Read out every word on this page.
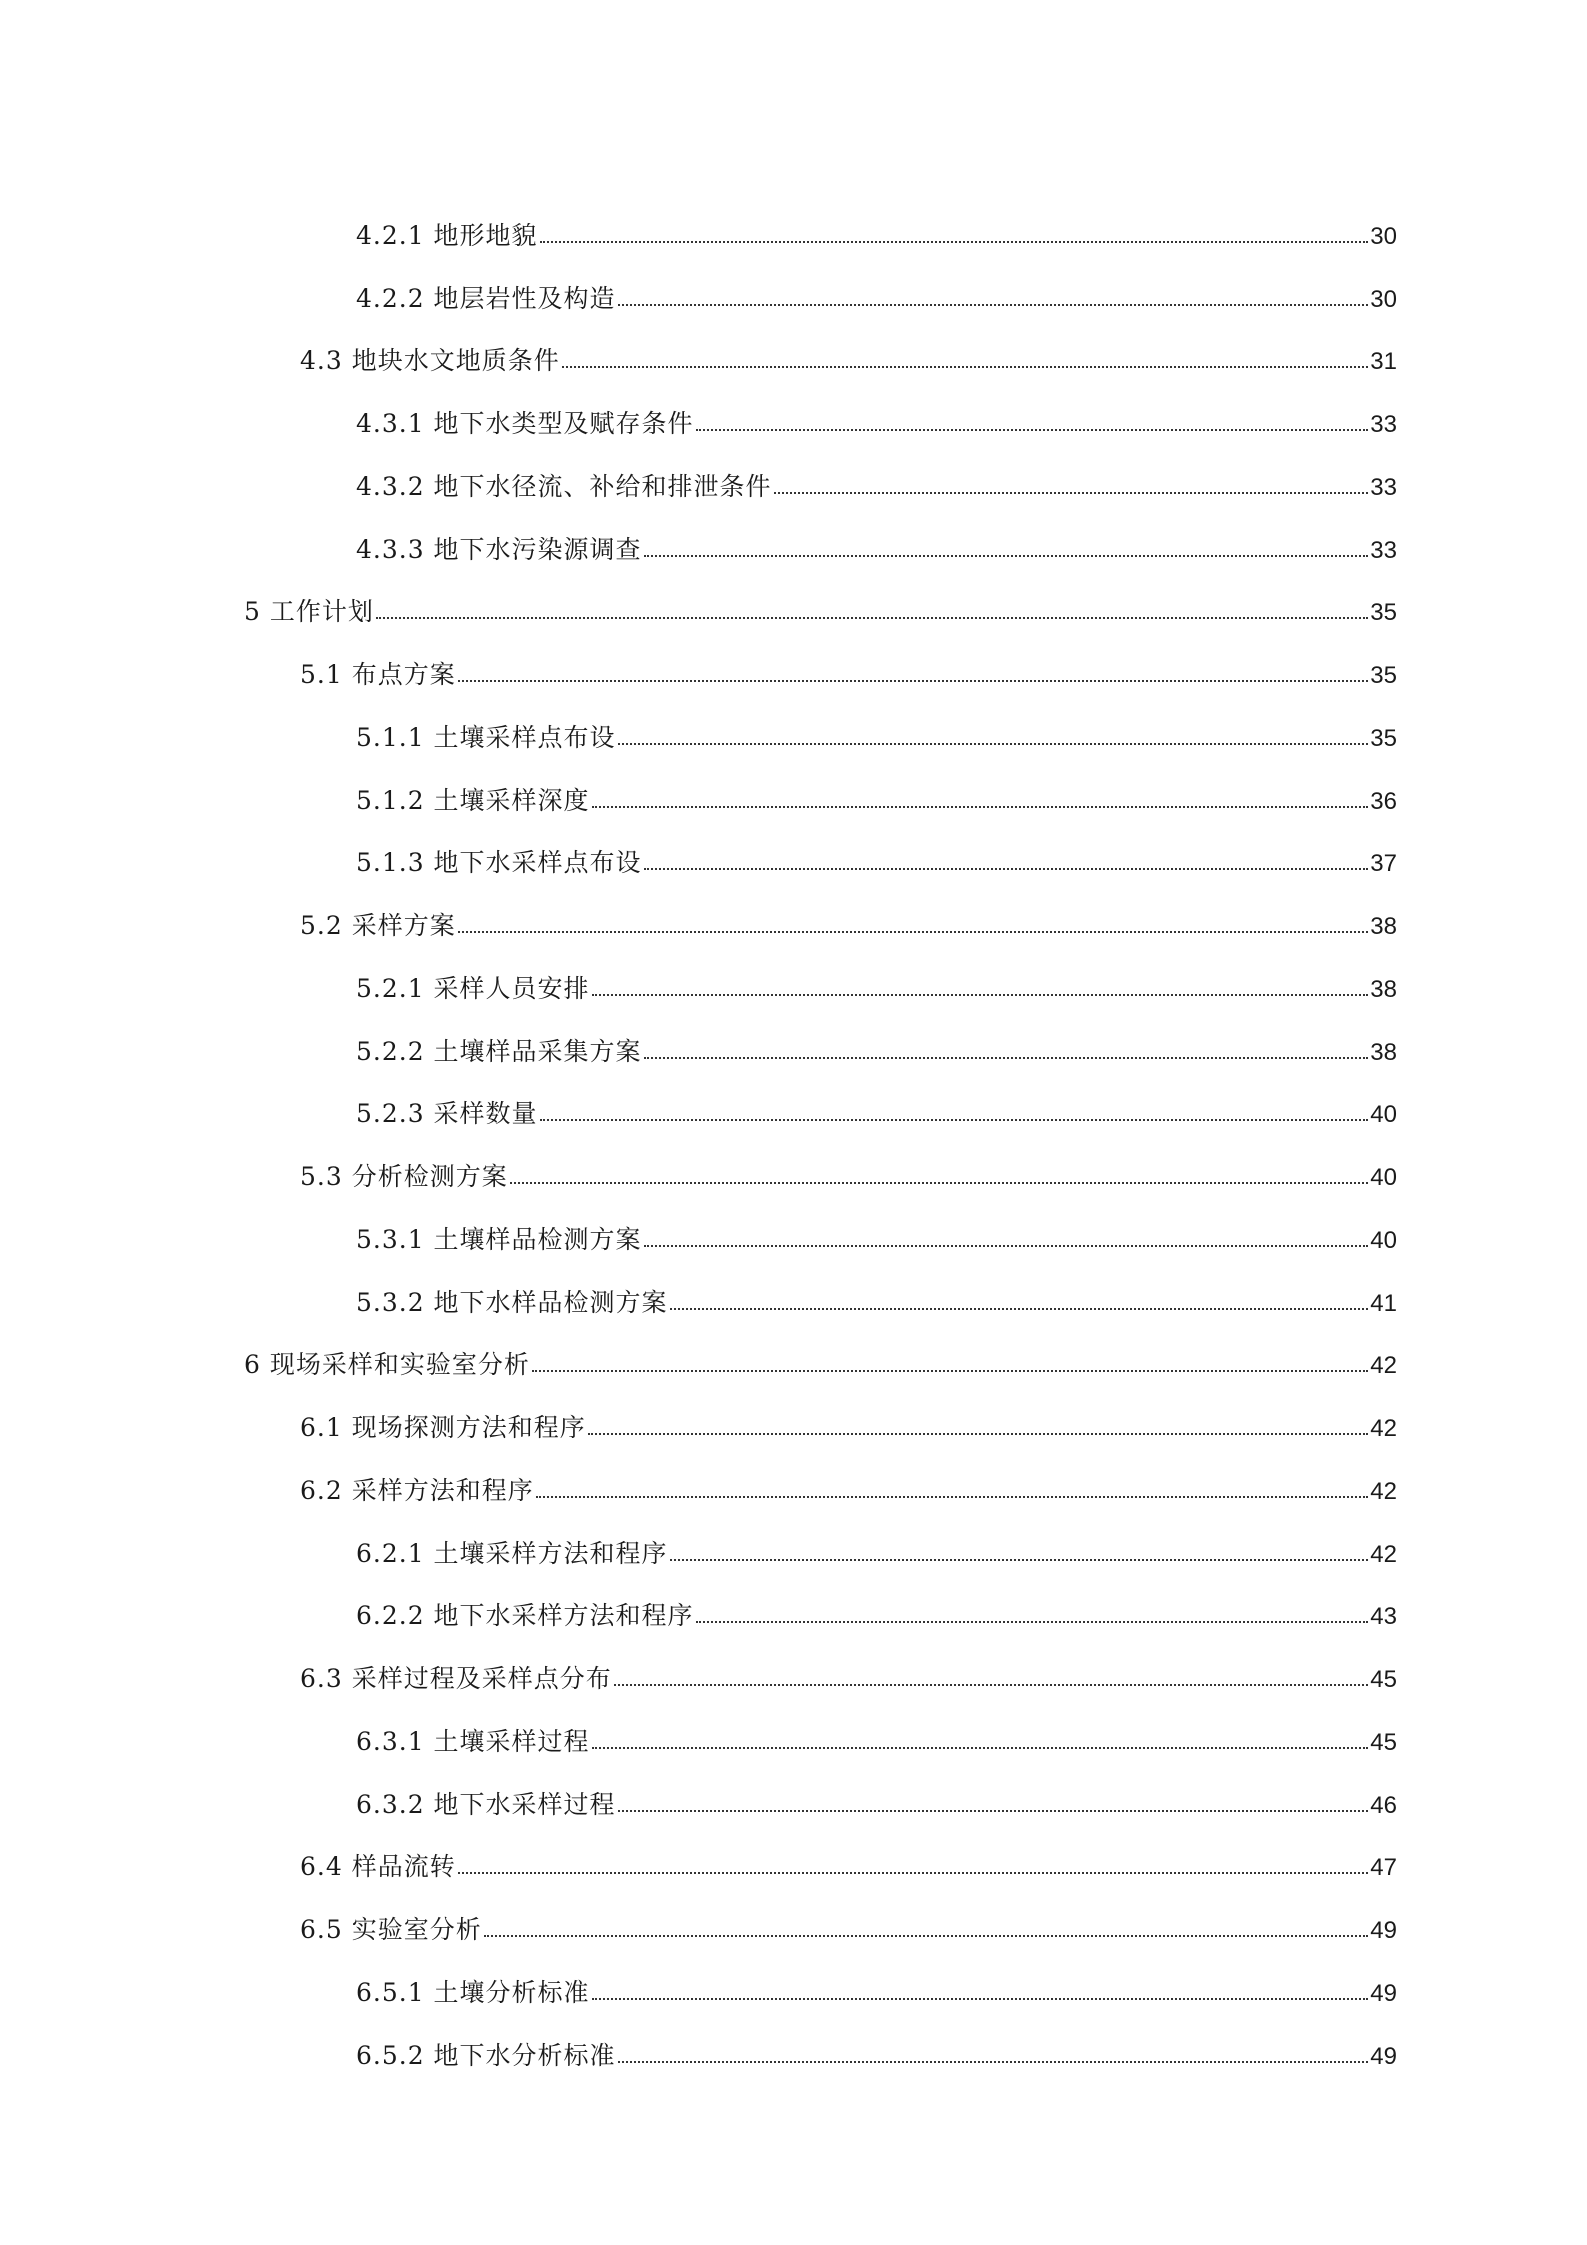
4.2.1 地形地貌	30
4.2.2 地层岩性及构造	30
4.3 地块水文地质条件	31
4.3.1 地下水类型及赋存条件	33
4.3.2 地下水径流、补给和排泄条件	33
4.3.3 地下水污染源调查	33
5 工作计划	35
5.1 布点方案	35
5.1.1 土壤采样点布设	35
5.1.2 土壤采样深度	36
5.1.3 地下水采样点布设	37
5.2 采样方案	38
5.2.1 采样人员安排	38
5.2.2 土壤样品采集方案	38
5.2.3 采样数量	40
5.3 分析检测方案	40
5.3.1 土壤样品检测方案	40
5.3.2 地下水样品检测方案	41
6 现场采样和实验室分析	42
6.1 现场探测方法和程序	42
6.2 采样方法和程序	42
6.2.1 土壤采样方法和程序	42
6.2.2 地下水采样方法和程序	43
6.3 采样过程及采样点分布	45
6.3.1 土壤采样过程	45
6.3.2 地下水采样过程	46
6.4 样品流转	47
6.5 实验室分析	49
6.5.1 土壤分析标准	49
6.5.2 地下水分析标准	49
